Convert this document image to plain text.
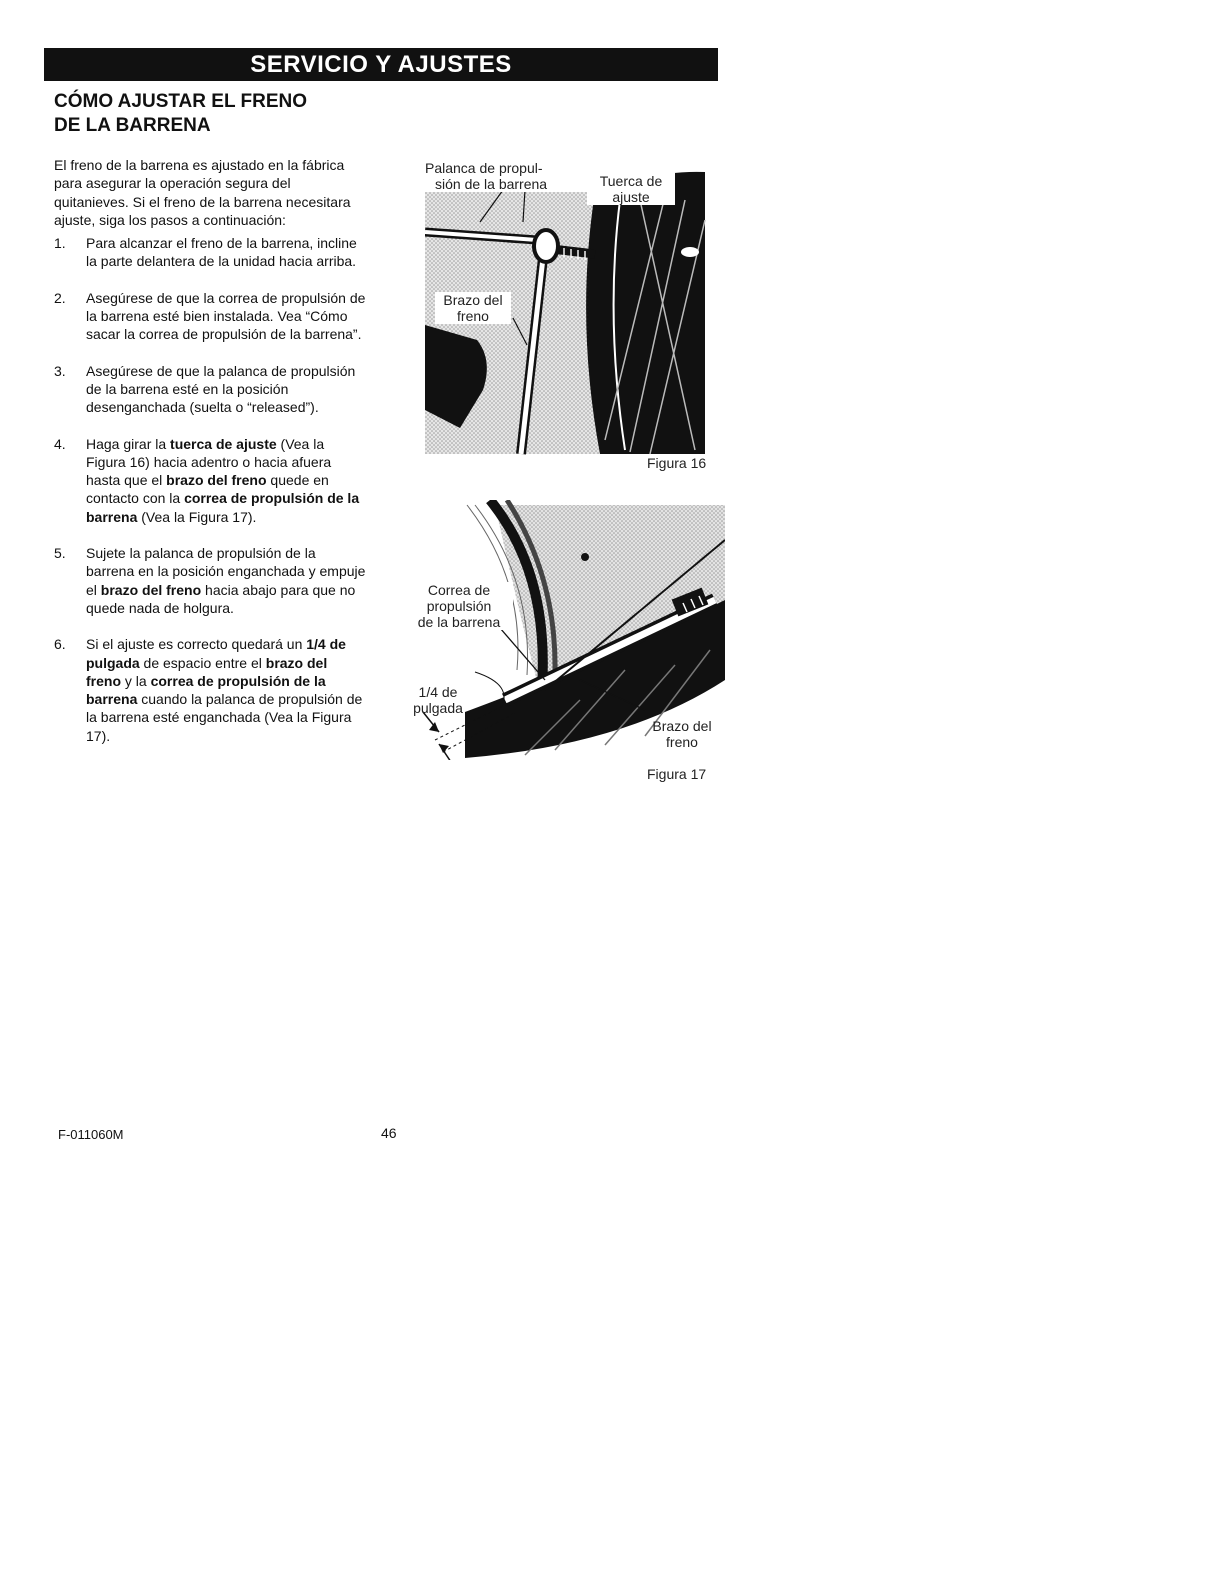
SERVICIO Y AJUSTES
CÓMO AJUSTAR EL FRENO
DE LA BARRENA

El freno de la barrena es ajustado en la fábrica para asegurar la operación segura del quitanieves. Si el freno de la barrena necesitara ajuste, siga los pasos a continuación:

1. Para alcanzar el freno de la barrena, incline la parte delantera de la unidad hacia arriba.
2. Asegúrese de que la correa de propulsión de la barrena esté bien instalada. Vea “Cómo sacar la correa de propulsión de la barrena”.
3. Asegúrese de que la palanca de propulsión de la barrena esté en la posición desenganchada (suelta o “released”).
4. Haga girar la tuerca de ajuste (Vea la Figura 16) hacia adentro o hacia afuera hasta que el brazo del freno quede en contacto con la correa de propulsión de la barrena (Vea la Figura 17).
5. Sujete la palanca de propulsión de la barrena en la posición enganchada y empuje el brazo del freno hacia abajo para que no quede nada de holgura.
6. Si el ajuste es correcto quedará un 1/4 de pulgada de espacio entre el brazo del freno y la correa de propulsión de la barrena cuando la palanca de propulsión de la barrena esté enganchada (Vea la Figura 17).
Palanca de propul-
sión de la barrena	Tuerca de
ajuste
Brazo del
freno
Figura 16
Correa de
propulsión
de la barrena
1/4 de
pulgada
Brazo del
freno
Figura 17
F-011060M	46
